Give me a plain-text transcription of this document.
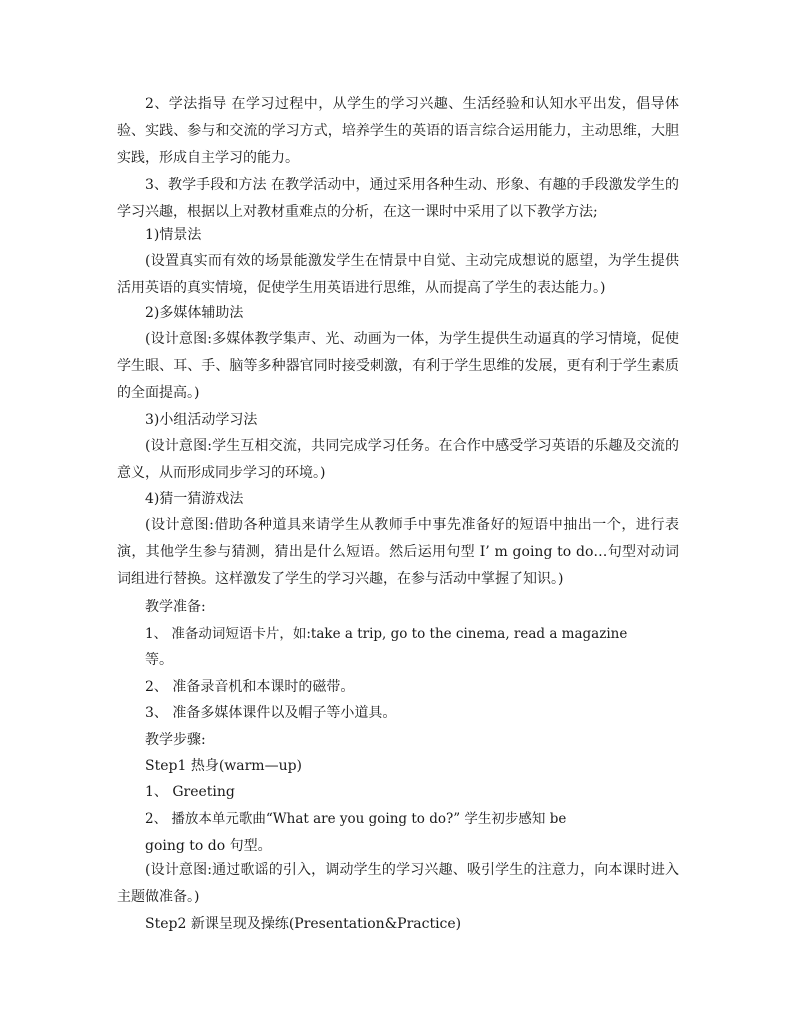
2、学法指导 在学习过程中，从学生的学习兴趣、生活经验和认知水平出发，倡导体验、实践、参与和交流的学习方式，培养学生的英语的语言综合运用能力，主动思维，大胆实践，形成自主学习的能力。

3、教学手段和方法 在教学活动中，通过采用各种生动、形象、有趣的手段激发学生的学习兴趣，根据以上对教材重难点的分析，在这一课时中采用了以下教学方法;

1)情景法

(设置真实而有效的场景能激发学生在情景中自觉、主动完成想说的愿望，为学生提供活用英语的真实情境，促使学生用英语进行思维，从而提高了学生的表达能力。)

2)多媒体辅助法

(设计意图:多媒体教学集声、光、动画为一体，为学生提供生动逼真的学习情境，促使学生眼、耳、手、脑等多种器官同时接受刺激，有利于学生思维的发展，更有利于学生素质的全面提高。)

3)小组活动学习法

(设计意图:学生互相交流，共同完成学习任务。在合作中感受学习英语的乐趣及交流的意义，从而形成同步学习的环境。)

4)猜一猜游戏法

(设计意图:借助各种道具来请学生从教师手中事先准备好的短语中抽出一个，进行表演，其他学生参与猜测，猜出是什么短语。然后运用句型 I’ m going to do…句型对动词词组进行替换。这样激发了学生的学习兴趣，在参与活动中掌握了知识。)

教学准备:

1、 准备动词短语卡片，如:take a trip, go to the cinema, read a magazine

等。

2、 准备录音机和本课时的磁带。

3、 准备多媒体课件以及帽子等小道具。

教学步骤:

Step1 热身(warm—up)

1、 Greeting

2、 播放本单元歌曲“What are you going to do?” 学生初步感知 be

going to do 句型。

(设计意图:通过歌谣的引入，调动学生的学习兴趣、吸引学生的注意力，向本课时进入主题做准备。)

Step2 新课呈现及操练(Presentation&Practice)
